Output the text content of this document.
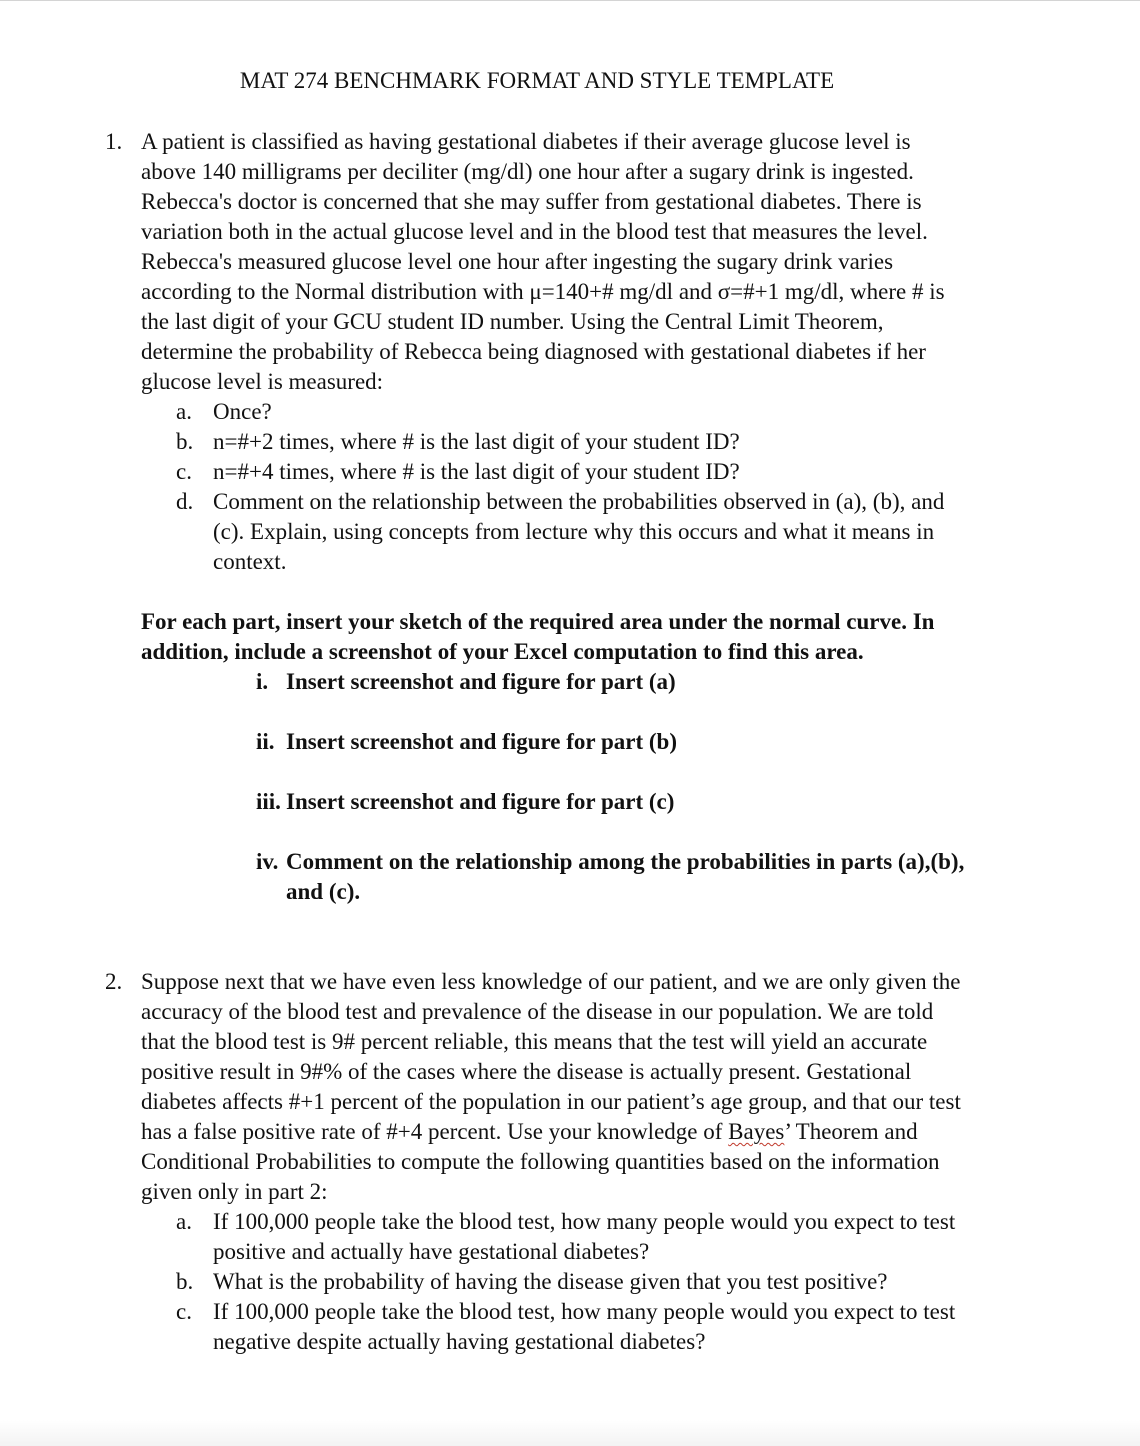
MAT 274 BENCHMARK FORMAT AND STYLE TEMPLATE
1. A patient is classified as having gestational diabetes if their average glucose level is
above 140 milligrams per deciliter (mg/dl) one hour after a sugary drink is ingested.
Rebecca's doctor is concerned that she may suffer from gestational diabetes. There is
variation both in the actual glucose level and in the blood test that measures the level.
Rebecca's measured glucose level one hour after ingesting the sugary drink varies
according to the Normal distribution with μ=140+# mg/dl and σ=#+1 mg/dl, where # is
the last digit of your GCU student ID number. Using the Central Limit Theorem,
determine the probability of Rebecca being diagnosed with gestational diabetes if her
glucose level is measured:
a. Once?
b. n=#+2 times, where # is the last digit of your student ID?
c. n=#+4 times, where # is the last digit of your student ID?
d. Comment on the relationship between the probabilities observed in (a), (b), and
(c). Explain, using concepts from lecture why this occurs and what it means in
context.
For each part, insert your sketch of the required area under the normal curve. In
addition, include a screenshot of your Excel computation to find this area.
i. Insert screenshot and figure for part (a)
ii. Insert screenshot and figure for part (b)
iii. Insert screenshot and figure for part (c)
iv. Comment on the relationship among the probabilities in parts (a),(b),
and (c).
2. Suppose next that we have even less knowledge of our patient, and we are only given the
accuracy of the blood test and prevalence of the disease in our population. We are told
that the blood test is 9# percent reliable, this means that the test will yield an accurate
positive result in 9#% of the cases where the disease is actually present. Gestational
diabetes affects #+1 percent of the population in our patient’s age group, and that our test
has a false positive rate of #+4 percent. Use your knowledge of Bayes’ Theorem and
Conditional Probabilities to compute the following quantities based on the information
given only in part 2:
a. If 100,000 people take the blood test, how many people would you expect to test
positive and actually have gestational diabetes?
b. What is the probability of having the disease given that you test positive?
c. If 100,000 people take the blood test, how many people would you expect to test
negative despite actually having gestational diabetes?
